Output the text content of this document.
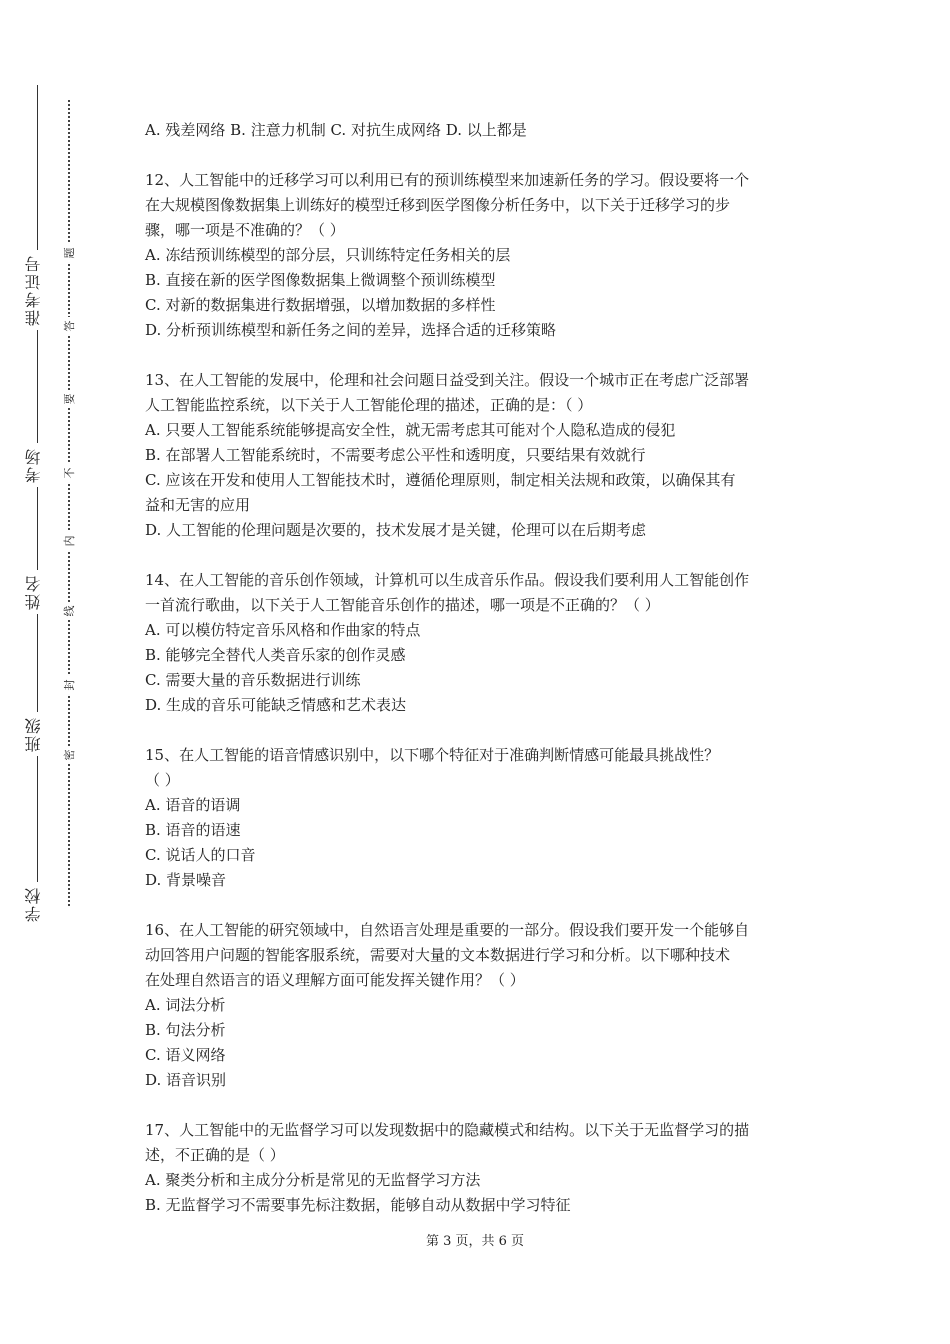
准考证号
考场
姓名
班级
学校
题
答
要
不
内
线
封
密
A. 残差网络 B. 注意力机制 C. 对抗生成网络 D. 以上都是
12、人工智能中的迁移学习可以利用已有的预训练模型来加速新任务的学习。假设要将一个
在大规模图像数据集上训练好的模型迁移到医学图像分析任务中，以下关于迁移学习的步
骤，哪一项是不准确的？（ ）
A. 冻结预训练模型的部分层，只训练特定任务相关的层
B. 直接在新的医学图像数据集上微调整个预训练模型
C. 对新的数据集进行数据增强，以增加数据的多样性
D. 分析预训练模型和新任务之间的差异，选择合适的迁移策略
13、在人工智能的发展中，伦理和社会问题日益受到关注。假设一个城市正在考虑广泛部署
人工智能监控系统，以下关于人工智能伦理的描述，正确的是：（ ）
A. 只要人工智能系统能够提高安全性，就无需考虑其可能对个人隐私造成的侵犯
B. 在部署人工智能系统时，不需要考虑公平性和透明度，只要结果有效就行
C. 应该在开发和使用人工智能技术时，遵循伦理原则，制定相关法规和政策，以确保其有
益和无害的应用
D. 人工智能的伦理问题是次要的，技术发展才是关键，伦理可以在后期考虑
14、在人工智能的音乐创作领域，计算机可以生成音乐作品。假设我们要利用人工智能创作
一首流行歌曲，以下关于人工智能音乐创作的描述，哪一项是不正确的？（ ）
A. 可以模仿特定音乐风格和作曲家的特点
B. 能够完全替代人类音乐家的创作灵感
C. 需要大量的音乐数据进行训练
D. 生成的音乐可能缺乏情感和艺术表达
15、在人工智能的语音情感识别中，以下哪个特征对于准确判断情感可能最具挑战性？
（ ）
A. 语音的语调
B. 语音的语速
C. 说话人的口音
D. 背景噪音
16、在人工智能的研究领域中，自然语言处理是重要的一部分。假设我们要开发一个能够自
动回答用户问题的智能客服系统，需要对大量的文本数据进行学习和分析。以下哪种技术
在处理自然语言的语义理解方面可能发挥关键作用？（ ）
A. 词法分析
B. 句法分析
C. 语义网络
D. 语音识别
17、人工智能中的无监督学习可以发现数据中的隐藏模式和结构。以下关于无监督学习的描
述，不正确的是（ ）
A. 聚类分析和主成分分析是常见的无监督学习方法
B. 无监督学习不需要事先标注数据，能够自动从数据中学习特征
第 3 页，共 6 页
